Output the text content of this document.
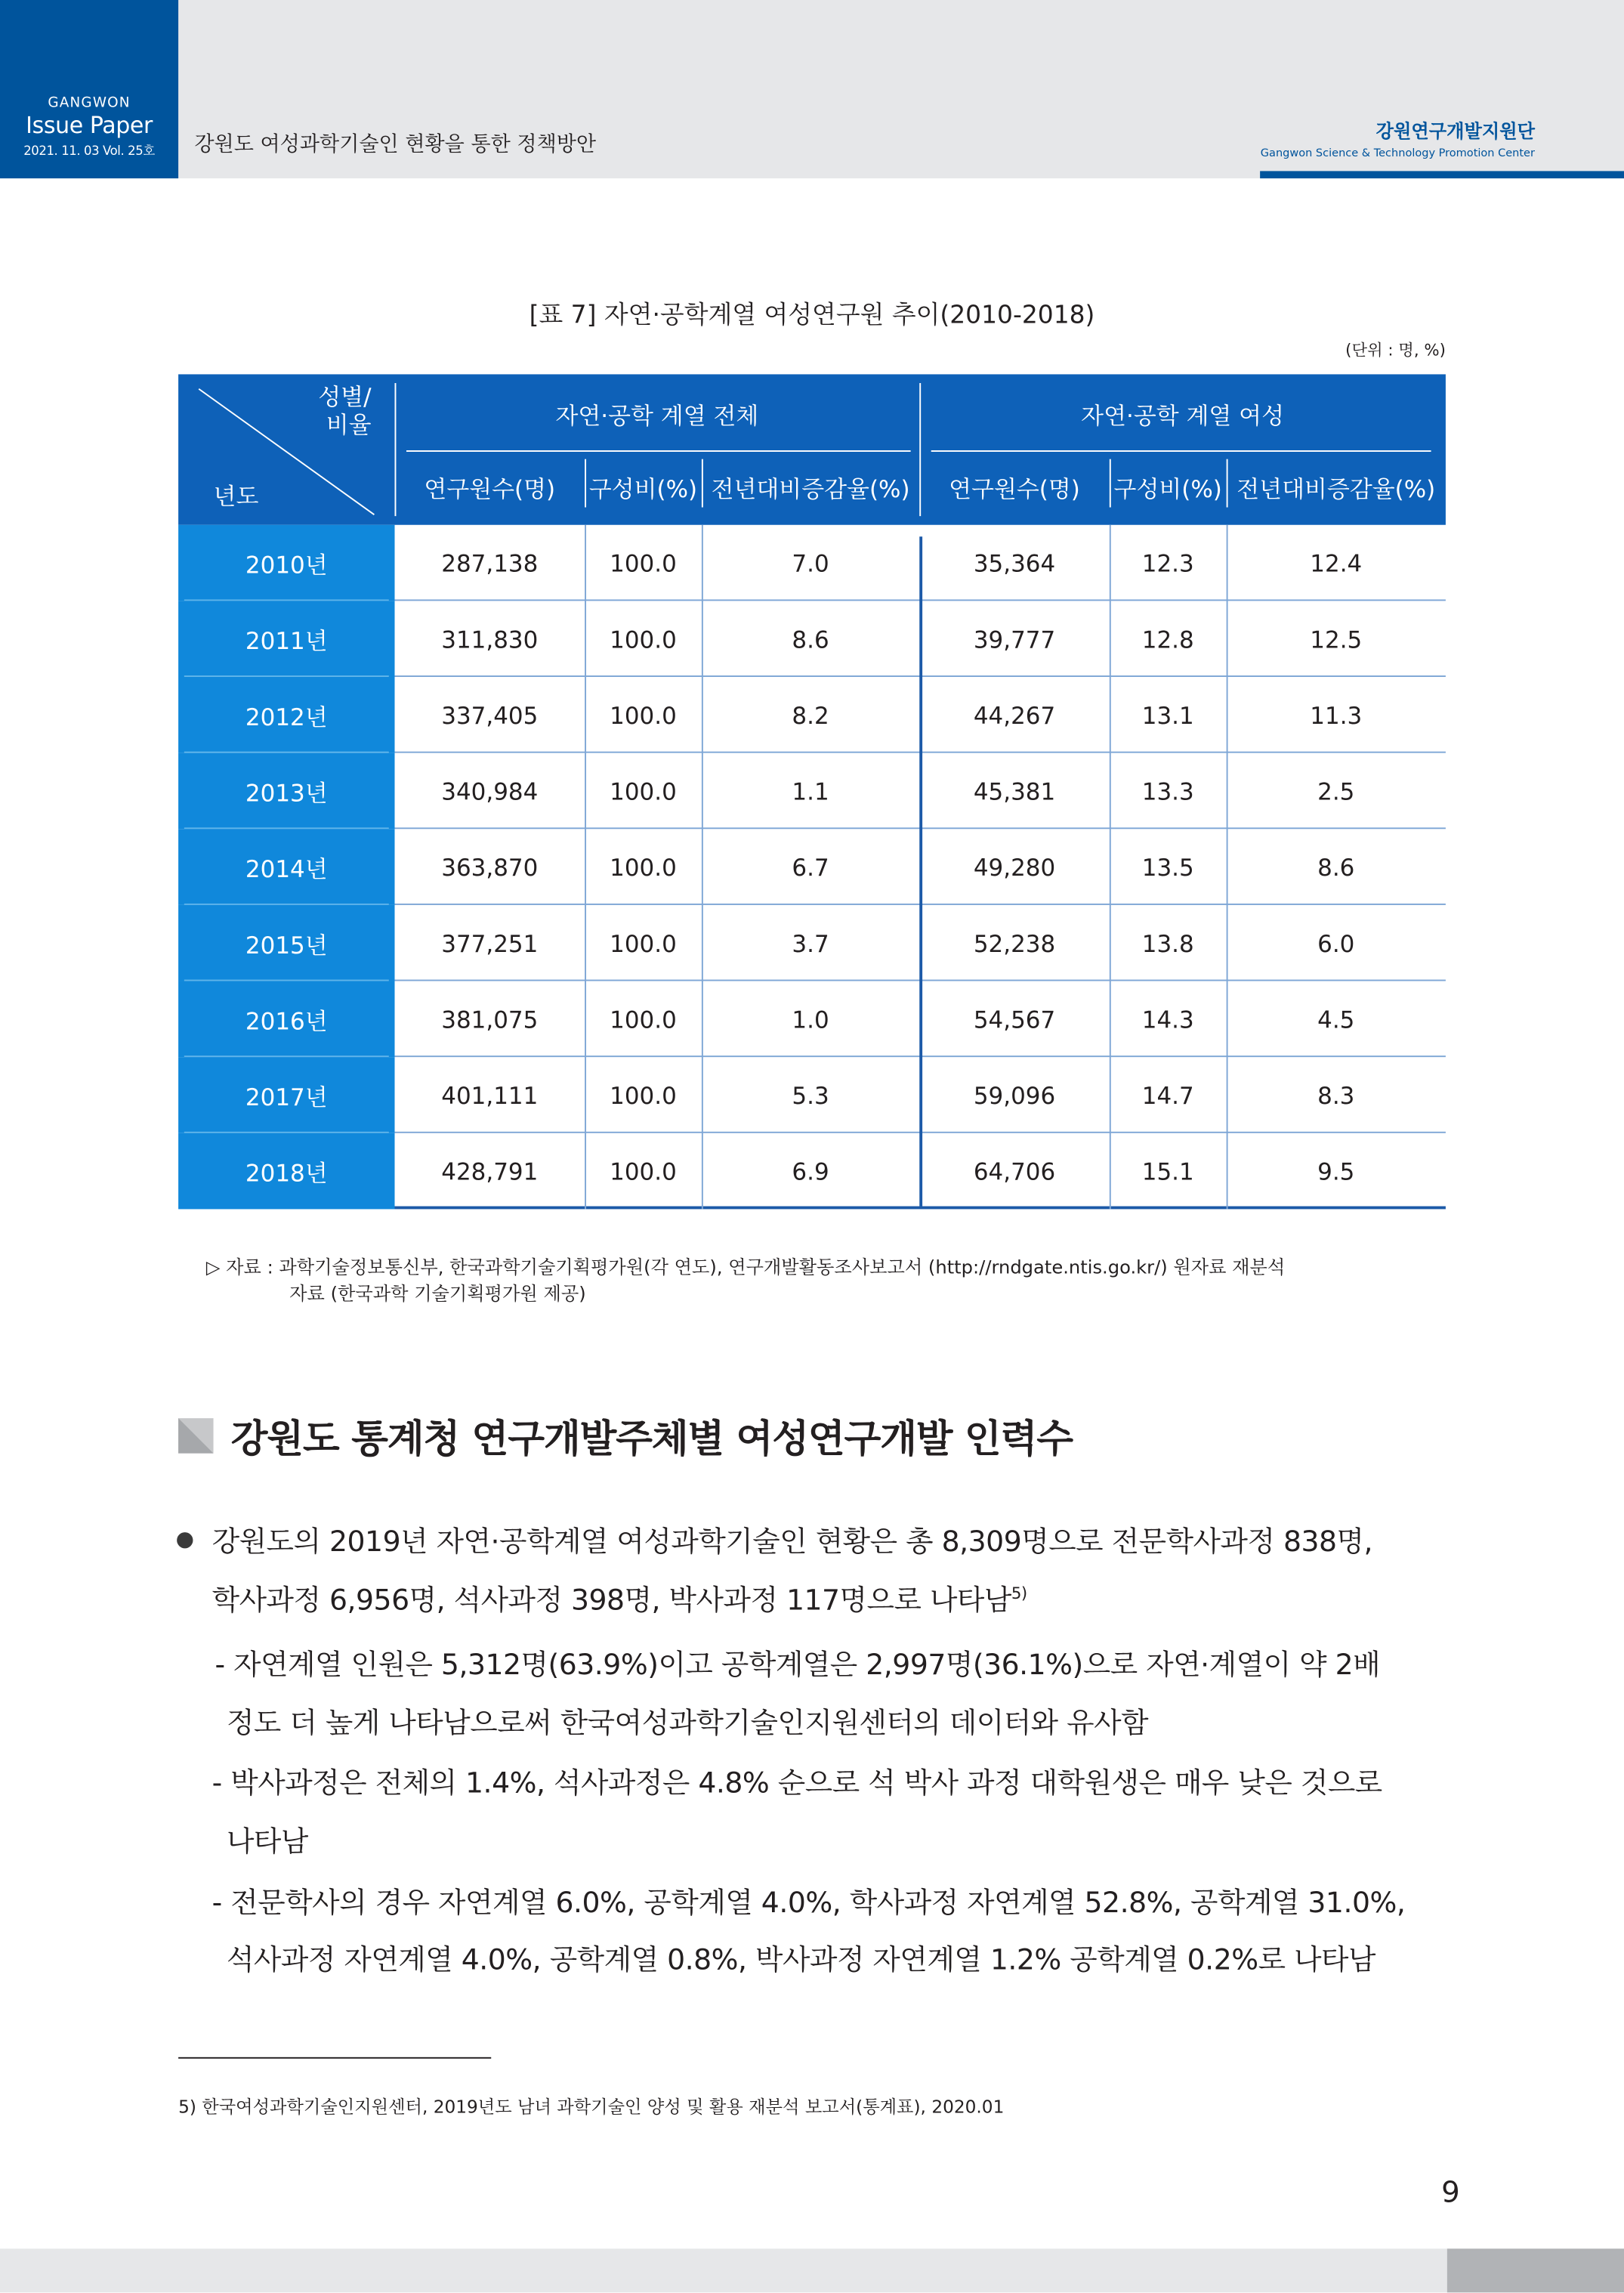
GANGWON
Issue Paper
2021. 11. 03 Vol. 25호	강원도 여성과학기술인 현황을 통한 정책방안
강원연구개발지원단
Gangwon Science & Technology Promotion Center
[표 7] 자연·공학계열 여성연구원 추이(2010-2018)
(단위 : 명, %)
성별/
비율
년도
자연·공학 계열 전체	자연·공학 계열 여성
연구원수(명)	구성비(%)	전년대비증감율(%)	연구원수(명)	구성비(%)	전년대비증감율(%)
2010년	287,138	100.0	7.0	35,364	12.3	12.4
2011년	311,830	100.0	8.6	39,777	12.8	12.5
2012년	337,405	100.0	8.2	44,267	13.1	11.3
2013년	340,984	100.0	1.1	45,381	13.3	2.5
2014년	363,870	100.0	6.7	49,280	13.5	8.6
2015년	377,251	100.0	3.7	52,238	13.8	6.0
2016년	381,075	100.0	1.0	54,567	14.3	4.5
2017년	401,111	100.0	5.3	59,096	14.7	8.3
2018년	428,791	100.0	6.9	64,706	15.1	9.5
▷ 자료 : 과학기술정보통신부, 한국과학기술기획평가원(각 연도), 연구개발활동조사보고서 (http://rndgate.ntis.go.kr/) 원자료 재분석
자료 (한국과학 기술기획평가원 제공)
강원도 통계청 연구개발주체별 여성연구개발 인력수
강원도의 2019년 자연·공학계열 여성과학기술인 현황은 총 8,309명으로 전문학사과정 838명,
학사과정 6,956명, 석사과정 398명, 박사과정 117명으로 나타남$^{5)}$
- 자연계열 인원은 5,312명(63.9%)이고 공학계열은 2,997명(36.1%)으로 자연·계열이 약 2배
정도 더 높게 나타남으로써 한국여성과학기술인지원센터의 데이터와 유사함
- 박사과정은 전체의 1.4%, 석사과정은 4.8% 순으로 석 박사 과정 대학원생은 매우 낮은 것으로
나타남
- 전문학사의 경우 자연계열 6.0%, 공학계열 4.0%, 학사과정 자연계열 52.8%, 공학계열 31.0%,
석사과정 자연계열 4.0%, 공학계열 0.8%, 박사과정 자연계열 1.2% 공학계열 0.2%로 나타남
5) 한국여성과학기술인지원센터, 2019년도 남녀 과학기술인 양성 및 활용 재분석 보고서(통계표), 2020.01
9
